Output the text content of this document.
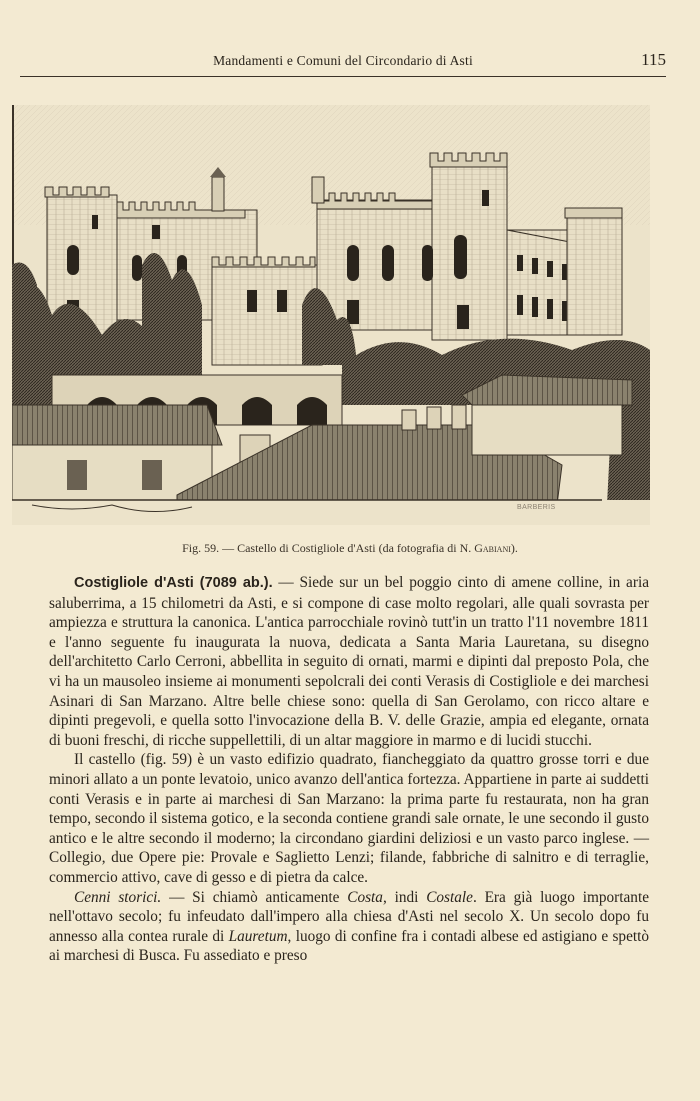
Mandamenti e Comuni del Circondario di Asti	115
BARBERIS
Fig. 59. — Castello di Costigliole d'Asti (da fotografia di N. Gabiani).

Costigliole d'Asti (7089 ab.). — Siede sur un bel poggio cinto di amene colline, in aria saluberrima, a 15 chilometri da Asti, e si compone di case molto regolari, alle quali sovrasta per ampiezza e struttura la canonica. L'antica parrocchiale rovinò tutt'in un tratto l'11 novembre 1811 e l'anno seguente fu inaugurata la nuova, dedicata a Santa Maria Lauretana, su disegno dell'architetto Carlo Cerroni, abbellita in seguito di ornati, marmi e dipinti dal preposto Pola, che vi ha un mausoleo insieme ai monumenti sepolcrali dei conti Verasis di Costigliole e dei marchesi Asinari di San Marzano. Altre belle chiese sono: quella di San Gerolamo, con ricco altare e dipinti pregevoli, e quella sotto l'invocazione della B. V. delle Grazie, ampia ed elegante, ornata di buoni freschi, di ricche suppellettili, di un altar maggiore in marmo e di lucidi stucchi.

Il castello (fig. 59) è un vasto edifizio quadrato, fiancheggiato da quattro grosse torri e due minori allato a un ponte levatoio, unico avanzo dell'antica fortezza. Appartiene in parte ai suddetti conti Verasis e in parte ai marchesi di San Marzano: la prima parte fu restaurata, non ha gran tempo, secondo il sistema gotico, e la seconda contiene grandi sale ornate, le une secondo il gusto antico e le altre secondo il moderno; la circondano giardini deliziosi e un vasto parco inglese. — Collegio, due Opere pie: Provale e Saglietto Lenzi; filande, fabbriche di salnitro e di terraglie, commercio attivo, cave di gesso e di pietra da calce.

Cenni storici. — Si chiamò anticamente Costa, indi Costale. Era già luogo importante nell'ottavo secolo; fu infeudato dall'impero alla chiesa d'Asti nel secolo X. Un secolo dopo fu annesso alla contea rurale di Lauretum, luogo di confine fra i contadi albese ed astigiano e spettò ai marchesi di Busca. Fu assediato e preso
